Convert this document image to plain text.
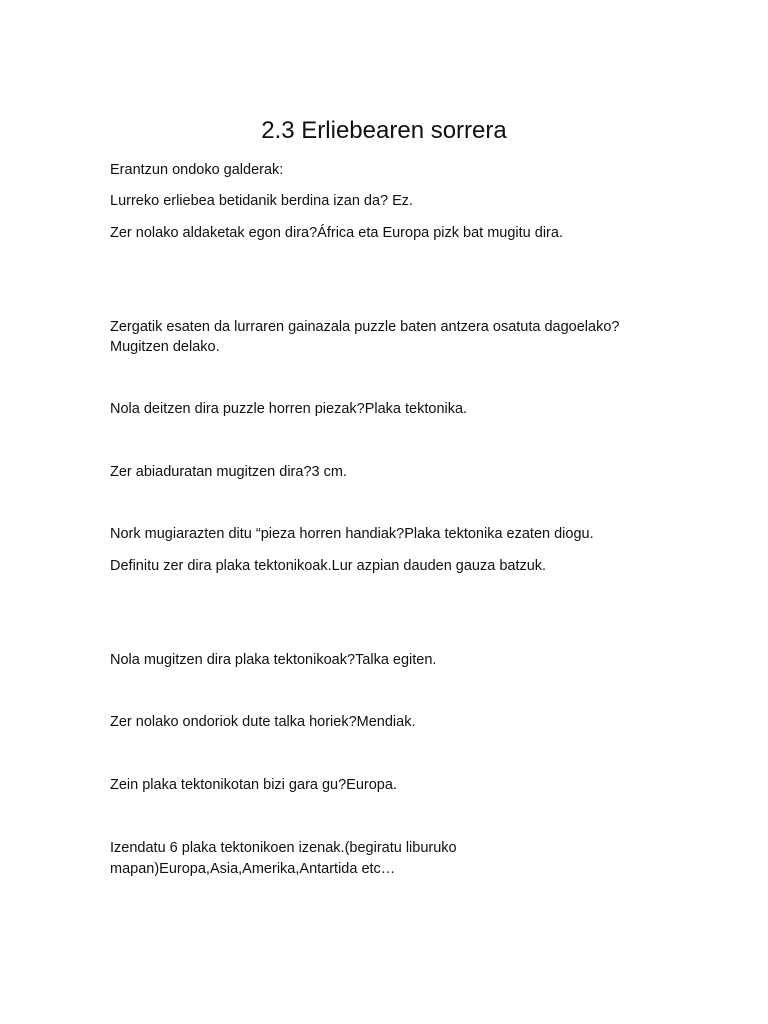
2.3 Erliebearen sorrera

Erantzun ondoko galderak:

Lurreko erliebea betidanik berdina izan da? Ez.

Zer nolako aldaketak egon dira?África eta Europa pizk bat mugitu dira.

Zergatik esaten da lurraren gainazala puzzle baten antzera osatuta dagoelako?

Mugitzen delako.

Nola deitzen dira puzzle horren piezak?Plaka tektonika.

Zer abiaduratan mugitzen dira?3 cm.

Nork mugiarazten ditu “pieza horren handiak?Plaka tektonika ezaten diogu.

Definitu zer dira plaka tektonikoak.Lur azpian dauden gauza batzuk.

Nola mugitzen dira plaka tektonikoak?Talka egiten.

Zer nolako ondoriok dute talka horiek?Mendiak.

Zein plaka tektonikotan bizi gara gu?Europa.

Izendatu 6 plaka tektonikoen izenak.(begiratu liburuko

mapan)Europa,Asia,Amerika,Antartida etc…
